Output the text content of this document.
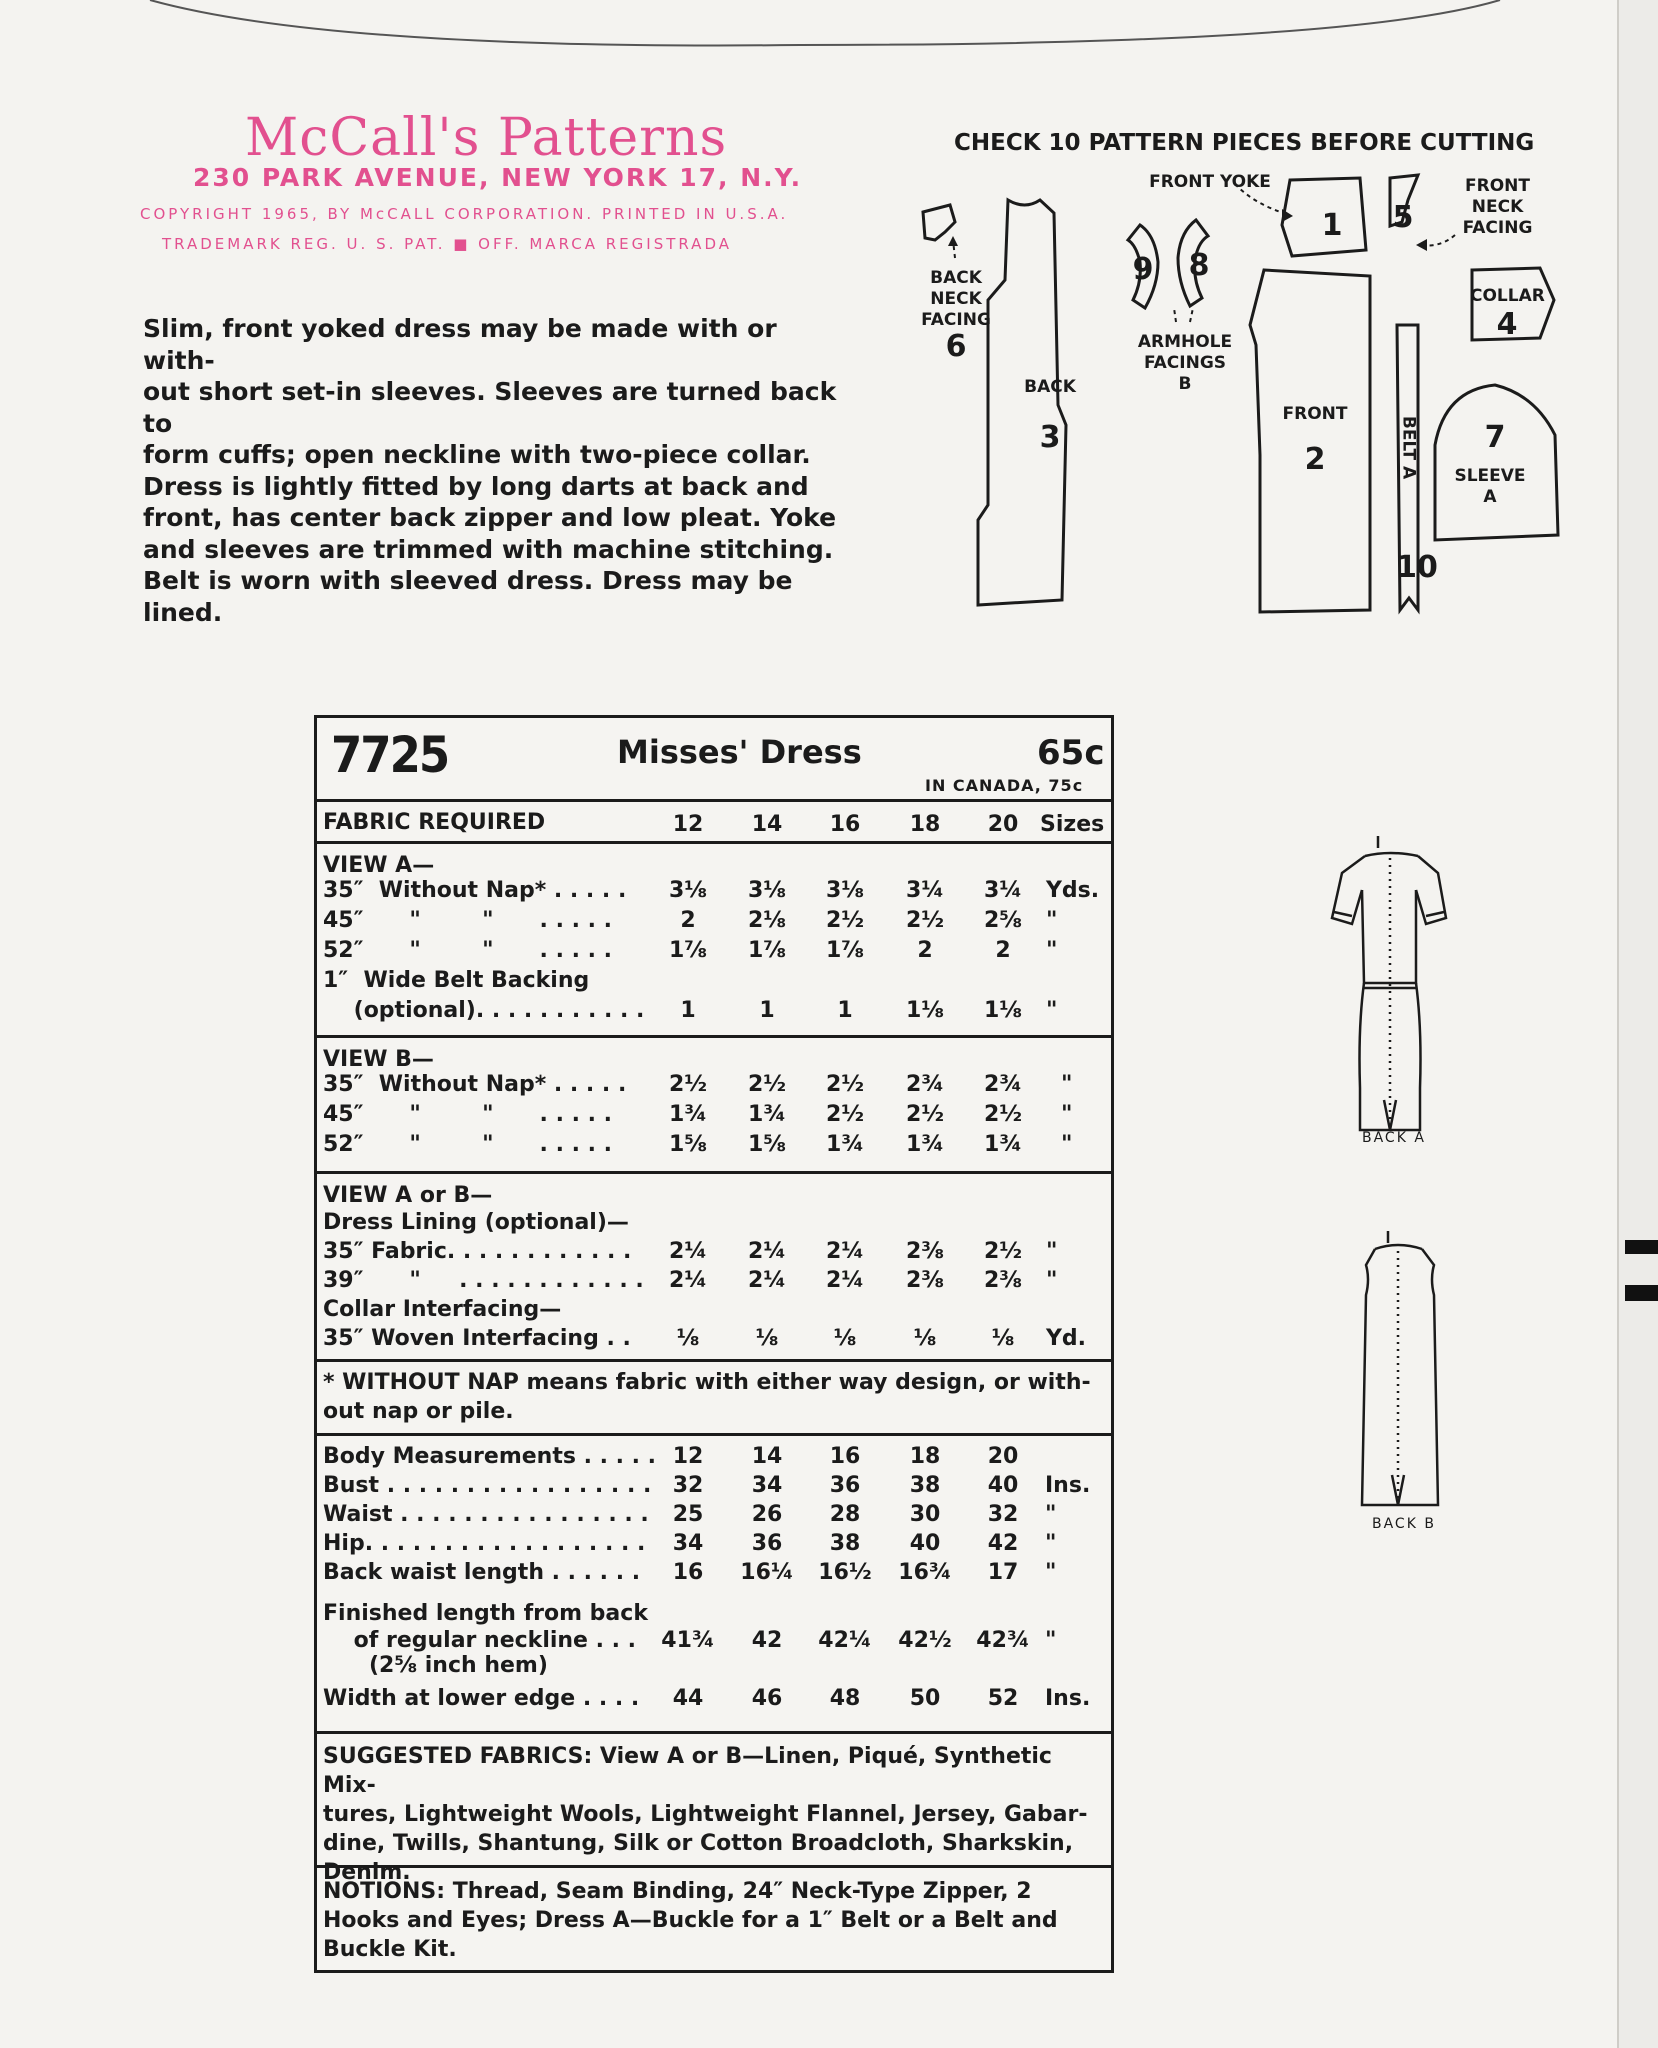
McCall's Patterns
230 PARK AVENUE, NEW YORK 17, N.Y.
COPYRIGHT 1965, BY McCALL CORPORATION. PRINTED IN U.S.A.
TRADEMARK REG. U. S. PAT. ■ OFF. MARCA REGISTRADA
Slim, front yoked dress may be made with or with-
out short set-in sleeves. Sleeves are turned back to
form cuffs; open neckline with two-piece collar.
Dress is lightly fitted by long darts at back and
front, has center back zipper and low pleat. Yoke
and sleeves are trimmed with machine stitching.
Belt is worn with sleeved dress. Dress may be lined.
CHECK 10 PATTERN PIECES BEFORE CUTTING
BACK
NECK
FACING
6
BACK
3
FRONT YOKE
1
9 8
ARMHOLE
FACINGS
B
5
FRONT
NECK
FACING
COLLAR
4
FRONT
2	BELT A
10
7
SLEEVE
A
7725	Misses' Dress	65c
IN CANADA, 75c
FABRIC REQUIRED	12	14	16	18	20 Sizes
VIEW A—
35″  Without Nap* . . . . .	3⅛	3⅛	3⅛	3¼	3¼	Yds.
45″      "        "      . . . . .	2	2⅛	2½	2½	2⅝	"
52″      "        "      . . . . .	1⅞	1⅞	1⅞	2	2	"
1″  Wide Belt Backing
(optional). . . . . . . . . . .	1	1	1	1⅛	1⅛	"
VIEW B—
35″  Without Nap* . . . . .	2½	2½	2½	2¾	2¾	"
45″      "        "      . . . . .	1¾	1¾	2½	2½	2½	"
52″      "        "      . . . . .	1⅝	1⅝	1¾	1¾	1¾	"
VIEW A or B—
Dress Lining (optional)—
35″ Fabric. . . . . . . . . . . .	2¼	2¼	2¼	2⅜	2½	"
39″      "     . . . . . . . . . . . .	2¼	2¼	2¼	2⅜	2⅜	"
Collar Interfacing—
35″ Woven Interfacing . .	⅛	⅛	⅛	⅛	⅛	Yd.
* WITHOUT NAP means fabric with either way design, or with-
out nap or pile.
Body Measurements . . . . . 12	14	16	18	20
Bust . . . . . . . . . . . . . . . . . 32	34	36	38	40	Ins.
Waist . . . . . . . . . . . . . . . .	25	26	28	30	32	"
Hip. . . . . . . . . . . . . . . . . .	34	36	38	40	42	"
Back waist length . . . . . .	16	16¼	16½	16¾	17	"
Finished length from back
of regular neckline . . .	41¾	42	42¼	42½	42¾ "
(2⅝ inch hem)
Width at lower edge . . . .	44	46	48	50	52	Ins.
SUGGESTED FABRICS: View A or B—Linen, Piqué, Synthetic Mix-
tures, Lightweight Wools, Lightweight Flannel, Jersey, Gabar-
dine, Twills, Shantung, Silk or Cotton Broadcloth, Sharkskin,
Denim.
NOTIONS: Thread, Seam Binding, 24″ Neck-Type Zipper, 2
Hooks and Eyes; Dress A—Buckle for a 1″ Belt or a Belt and
Buckle Kit.
BACK A
BACK B
